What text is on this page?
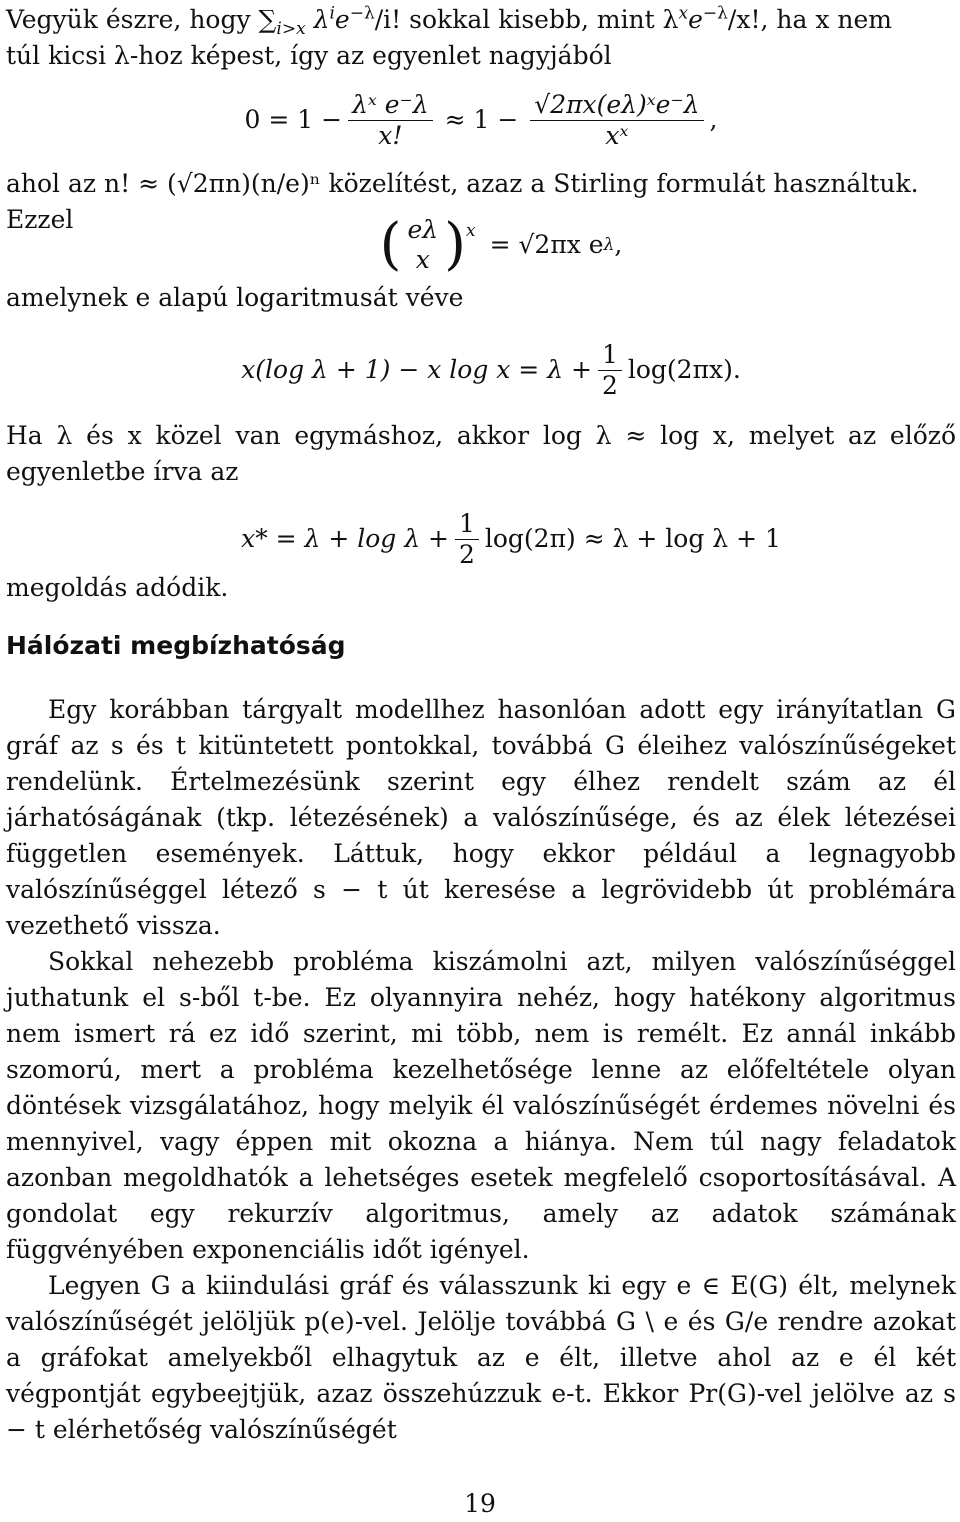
Vegyük észre, hogy $\sum_{i>x}$ $\lambda^ie^{-\lambda}/i$! sokkal kisebb, mint $\lambda^xe^{-\lambda}/x$!, ha x nem
túl kicsi λ-hoz képest, így az egyenlet nagyjából

$0 = 1 - \frac{\text{λˣ e⁻λ}}{x!} \approx 1 - \frac{\text{√2πx(eλ)ˣe⁻λ}}{\text{xˣ}}$ ,

ahol az n! ≈ (√2πn)(n/e)ⁿ közelítést, azaz a Stirling formulát használtuk.
Ezzel	( eλ
x )$^x$ = √2πx e λ ,

amelynek e alapú logaritmusát véve

x(log λ + 1) − x $\log x = \lambda + \frac{1}{2} \log(2\pi x)$.

Ha λ és x közel van egymáshoz, akkor log λ ≈ log x, melyet az előző egyenletbe írva az

$x* = \lambda + \log \lambda + \frac{1}{2} \log(2\pi) \approx \lambda + \log \lambda + 1$
megoldás adódik.
Hálózati megbízhatóság

Egy korábban tárgyalt modellhez hasonlóan adott egy irányítatlan G gráf az s és t kitüntetett pontokkal, továbbá G éleihez valószínűségeket rendelünk. Értelmezésünk szerint egy élhez rendelt szám az él járhatóságának (tkp. létezésének) a valószínűsége, és az élek létezései független események. Láttuk, hogy ekkor például a legnagyobb valószínűséggel létező s − t út keresése a legrövidebb út problémára vezethető vissza.

Sokkal nehezebb probléma kiszámolni azt, milyen valószínűséggel juthatunk el s-ből t-be. Ez olyannyira nehéz, hogy hatékony algoritmus nem ismert rá ez idő szerint, mi több, nem is remélt. Ez annál inkább szomorú, mert a probléma kezelhetősége lenne az előfeltétele olyan döntések vizsgálatához, hogy melyik él valószínűségét érdemes növelni és mennyivel, vagy éppen mit okozna a hiánya. Nem túl nagy feladatok azonban megoldhatók a lehetséges esetek megfelelő csoportosításával. A gondolat egy rekurzív algoritmus, amely az adatok számának függvényében exponenciális időt igényel.

Legyen G a kiindulási gráf és válasszunk ki egy e ∈ E(G) élt, melynek valószínűségét jelöljük p(e)-vel. Jelölje továbbá G \ e és G/e rendre azokat a gráfokat amelyekből elhagytuk az e élt, illetve ahol az e él két végpontját egybeejtjük, azaz összehúzzuk e-t. Ekkor Pr(G)-vel jelölve az s − t elérhetőség valószínűségét

19
